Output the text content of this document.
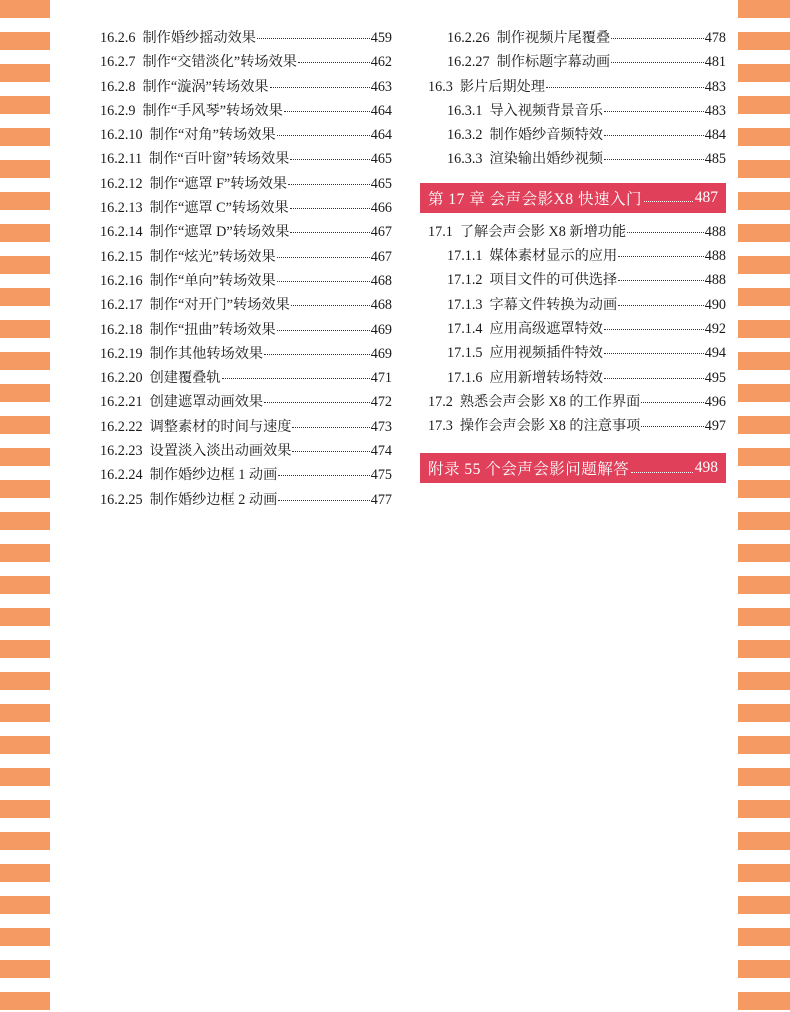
16.2.6 制作婚纱摇动效果	459
16.2.7 制作“交错淡化”转场效果	462
16.2.8 制作“漩涡”转场效果	463
16.2.9 制作“手风琴”转场效果	464
16.2.10 制作“对角”转场效果	464
16.2.11 制作“百叶窗”转场效果	465
16.2.12 制作“遮罩 F”转场效果	465
16.2.13 制作“遮罩 C”转场效果	466
16.2.14 制作“遮罩 D”转场效果	467
16.2.15 制作“炫光”转场效果	467
16.2.16 制作“单向”转场效果	468
16.2.17 制作“对开门”转场效果	468
16.2.18 制作“扭曲”转场效果	469
16.2.19 制作其他转场效果	469
16.2.20 创建覆叠轨	471
16.2.21 创建遮罩动画效果	472
16.2.22 调整素材的时间与速度	473
16.2.23 设置淡入淡出动画效果	474
16.2.24 制作婚纱边框 1 动画	475
16.2.25 制作婚纱边框 2 动画	477
16.2.26 制作视频片尾覆叠	478
16.2.27 制作标题字幕动画	481
16.3 影片后期处理	483
16.3.1 导入视频背景音乐	483
16.3.2 制作婚纱音频特效	484
16.3.3 渲染输出婚纱视频	485
第 17 章 会声会影X8 快速入门	487
17.1 了解会声会影 X8 新增功能	488
17.1.1 媒体素材显示的应用	488
17.1.2 项目文件的可供选择	488
17.1.3 字幕文件转换为动画	490
17.1.4 应用高级遮罩特效	492
17.1.5 应用视频插件特效	494
17.1.6 应用新增转场特效	495
17.2 熟悉会声会影 X8 的工作界面	496
17.3 操作会声会影 X8 的注意事项	497
附录 55 个会声会影问题解答	498
